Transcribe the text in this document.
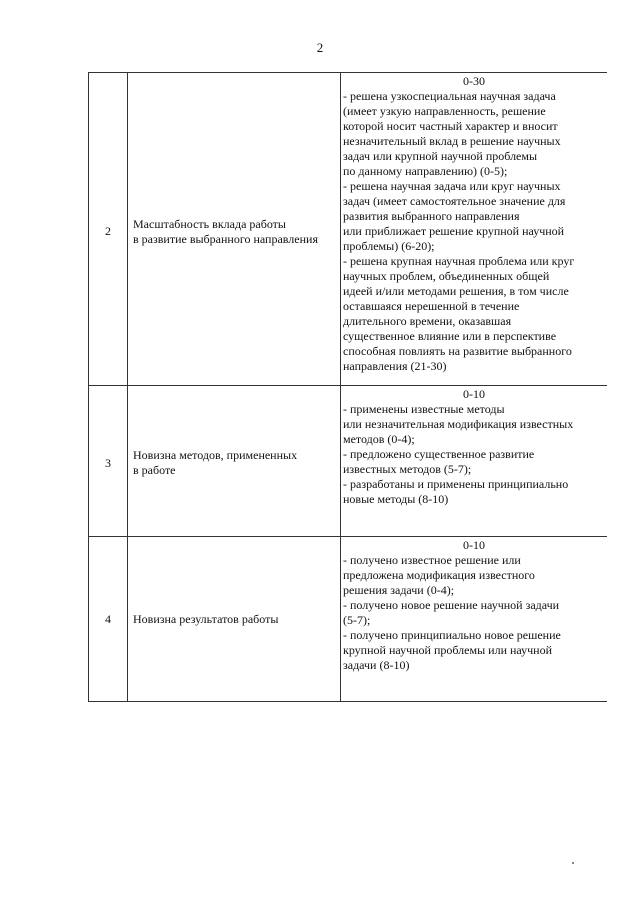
2
2	Масштабность вклада работы
в развитие выбранного направления
0-30
- решена узкоспециальная научная задача
(имеет узкую направленность, решение
которой носит частный характер и вносит
незначительный вклад в решение научных
задач или крупной научной проблемы
по данному направлению) (0-5);
- решена научная задача или круг научных
задач (имеет самостоятельное значение для
развития выбранного направления
или приближает решение крупной научной
проблемы) (6-20);
- решена крупная научная проблема или круг
научных проблем, объединенных общей
идеей и/или методами решения, в том числе
оставшаяся нерешенной в течение
длительного времени, оказавшая
существенное влияние или в перспективе
способная повлиять на развитие выбранного
направления (21-30)
3
Новизна методов, примененных
в работе
0-10
- применены известные методы
или незначительная модификация известных
методов (0-4);
- предложено существенное развитие
известных методов (5-7);
- разработаны и применены принципиально
новые методы (8-10)
4	Новизна результатов работы
0-10
- получено известное решение или
предложена модификация известного
решения задачи (0-4);
- получено новое решение научной задачи
(5-7);
- получено принципиально новое решение
крупной научной проблемы или научной
задачи (8-10)
